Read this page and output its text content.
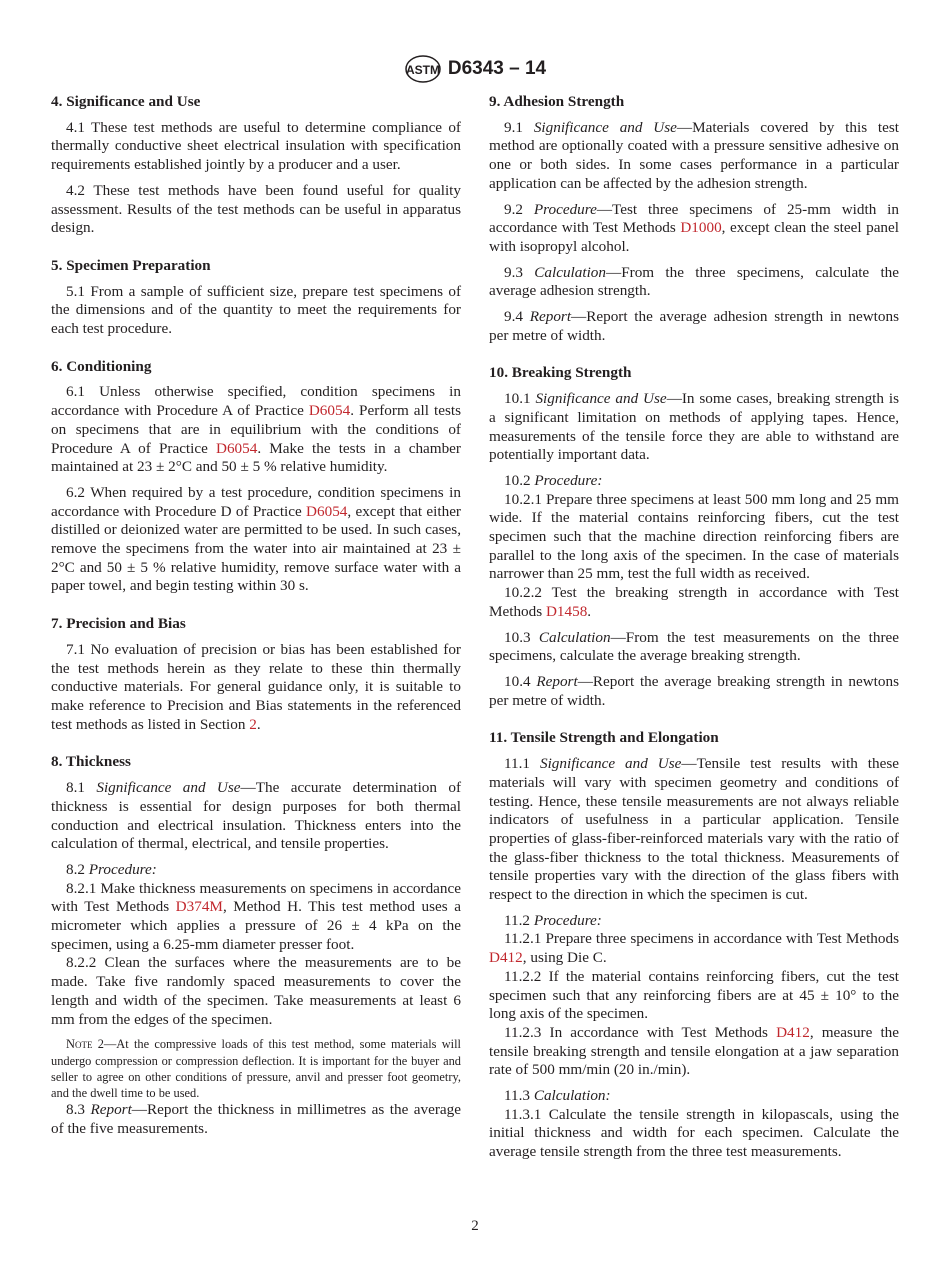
ASTM D6343 – 14
4. Significance and Use

4.1 These test methods are useful to determine compliance of thermally conductive sheet electrical insulation with specification requirements established jointly by a producer and a user.

4.2 These test methods have been found useful for quality assessment. Results of the test methods can be useful in apparatus design.

5. Specimen Preparation

5.1 From a sample of sufficient size, prepare test specimens of the dimensions and of the quantity to meet the requirements for each test procedure.

6. Conditioning

6.1 Unless otherwise specified, condition specimens in accordance with Procedure A of Practice D6054. Perform all tests on specimens that are in equilibrium with the conditions of Procedure A of Practice D6054. Make the tests in a chamber maintained at 23 ± 2°C and 50 ± 5 % relative humidity.

6.2 When required by a test procedure, condition specimens in accordance with Procedure D of Practice D6054, except that either distilled or deionized water are permitted to be used. In such cases, remove the specimens from the water into air maintained at 23 ± 2°C and 50 ± 5 % relative humidity, remove surface water with a paper towel, and begin testing within 30 s.

7. Precision and Bias

7.1 No evaluation of precision or bias has been established for the test methods herein as they relate to these thin thermally conductive materials. For general guidance only, it is suitable to make reference to Precision and Bias statements in the referenced test methods as listed in Section 2.

8. Thickness

8.1 Significance and Use—The accurate determination of thickness is essential for design purposes for both thermal conduction and electrical insulation. Thickness enters into the calculation of thermal, electrical, and tensile properties.

8.2 Procedure:

8.2.1 Make thickness measurements on specimens in accordance with Test Methods D374M, Method H. This test method uses a micrometer which applies a pressure of 26 ± 4 kPa on the specimen, using a 6.25-mm diameter presser foot.

8.2.2 Clean the surfaces where the measurements are to be made. Take five randomly spaced measurements to cover the length and width of the specimen. Take measurements at least 6 mm from the edges of the specimen.

Note 2—At the compressive loads of this test method, some materials will undergo compression or compression deflection. It is important for the buyer and seller to agree on other conditions of pressure, anvil and presser foot geometry, and the dwell time to be used.

8.3 Report—Report the thickness in millimetres as the average of the five measurements.

9. Adhesion Strength

9.1 Significance and Use—Materials covered by this test method are optionally coated with a pressure sensitive adhesive on one or both sides. In some cases performance in a particular application can be affected by the adhesion strength.

9.2 Procedure—Test three specimens of 25-mm width in accordance with Test Methods D1000, except clean the steel panel with isopropyl alcohol.

9.3 Calculation—From the three specimens, calculate the average adhesion strength.

9.4 Report—Report the average adhesion strength in newtons per metre of width.

10. Breaking Strength

10.1 Significance and Use—In some cases, breaking strength is a significant limitation on methods of applying tapes. Hence, measurements of the tensile force they are able to withstand are potentially important data.

10.2 Procedure:

10.2.1 Prepare three specimens at least 500 mm long and 25 mm wide. If the material contains reinforcing fibers, cut the test specimen such that the machine direction reinforcing fibers are parallel to the long axis of the specimen. In the case of materials narrower than 25 mm, test the full width as received.

10.2.2 Test the breaking strength in accordance with Test Methods D1458.

10.3 Calculation—From the test measurements on the three specimens, calculate the average breaking strength.

10.4 Report—Report the average breaking strength in newtons per metre of width.

11. Tensile Strength and Elongation

11.1 Significance and Use—Tensile test results with these materials will vary with specimen geometry and conditions of testing. Hence, these tensile measurements are not always reliable indicators of usefulness in a particular application. Tensile properties of glass-fiber-reinforced materials vary with the ratio of the glass-fiber thickness to the total thickness. Measurements of tensile properties vary with the direction of the glass fibers with respect to the direction in which the specimen is cut.

11.2 Procedure:

11.2.1 Prepare three specimens in accordance with Test Methods D412, using Die C.

11.2.2 If the material contains reinforcing fibers, cut the test specimen such that any reinforcing fibers are at 45 ± 10° to the long axis of the specimen.

11.2.3 In accordance with Test Methods D412, measure the tensile breaking strength and tensile elongation at a jaw separation rate of 500 mm/min (20 in./min).

11.3 Calculation:

11.3.1 Calculate the tensile strength in kilopascals, using the initial thickness and width for each specimen. Calculate the average tensile strength from the three test measurements.

2
